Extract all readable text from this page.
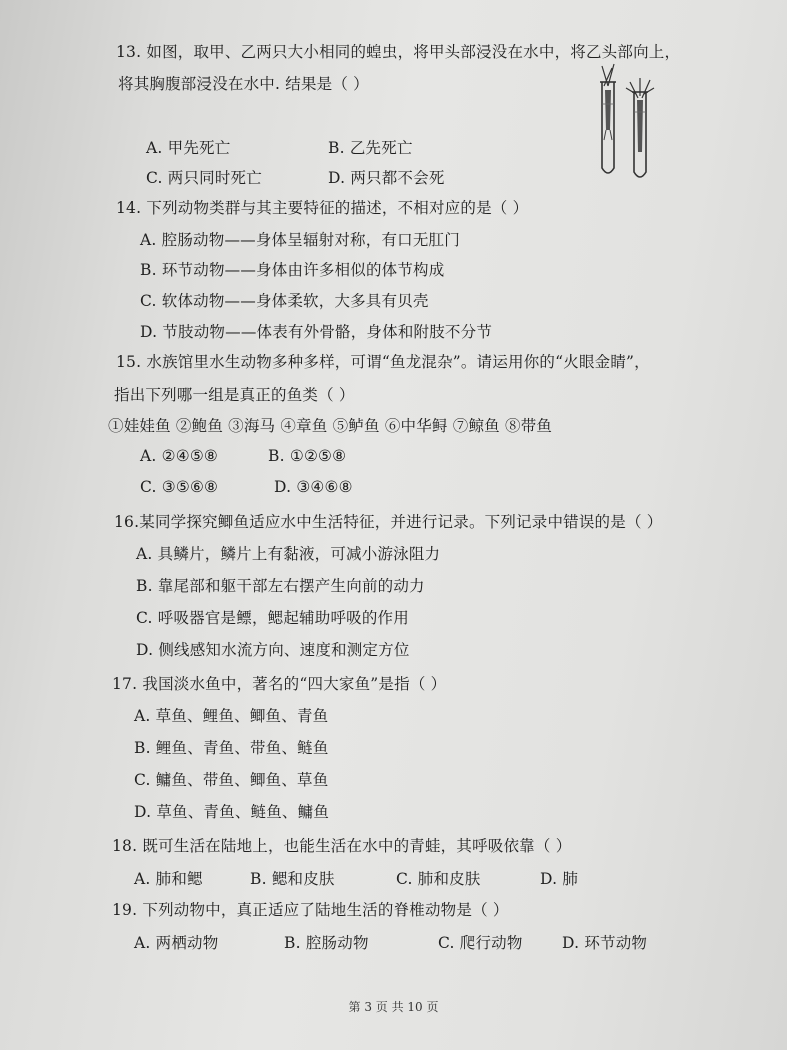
13. 如图，取甲、乙两只大小相同的蝗虫，将甲头部浸没在水中，将乙头部向上，
将其胸腹部浸没在水中. 结果是（ ）
A. 甲先死亡	B. 乙先死亡
C. 两只同时死亡	D. 两只都不会死
14. 下列动物类群与其主要特征的描述，不相对应的是（ ）
A. 腔肠动物——身体呈辐射对称，有口无肛门
B. 环节动物——身体由许多相似的体节构成
C. 软体动物——身体柔软，大多具有贝壳
D. 节肢动物——体表有外骨骼，身体和附肢不分节
15. 水族馆里水生动物多种多样，可谓“鱼龙混杂”。请运用你的“火眼金睛”，
指出下列哪一组是真正的鱼类（ ）
①娃娃鱼 ②鲍鱼 ③海马 ④章鱼 ⑤鲈鱼 ⑥中华鲟 ⑦鲸鱼 ⑧带鱼
A. ②④⑤⑧	B. ①②⑤⑧
C. ③⑤⑥⑧	D. ③④⑥⑧
16.某同学探究鲫鱼适应水中生活特征，并进行记录。下列记录中错误的是（ ）
A. 具鳞片，鳞片上有黏液，可减小游泳阻力
B. 靠尾部和躯干部左右摆产生向前的动力
C. 呼吸器官是鳔，鳃起辅助呼吸的作用
D. 侧线感知水流方向、速度和测定方位
17. 我国淡水鱼中，著名的“四大家鱼”是指（ ）
A. 草鱼、鲤鱼、鲫鱼、青鱼
B. 鲤鱼、青鱼、带鱼、鲢鱼
C. 鳙鱼、带鱼、鲫鱼、草鱼
D. 草鱼、青鱼、鲢鱼、鳙鱼
18. 既可生活在陆地上，也能生活在水中的青蛙，其呼吸依靠（ ）
A. 肺和鳃	B. 鳃和皮肤	C. 肺和皮肤	D. 肺
19. 下列动物中，真正适应了陆地生活的脊椎动物是（ ）
A. 两栖动物	B. 腔肠动物	C. 爬行动物	D. 环节动物
第 3 页 共 10 页
